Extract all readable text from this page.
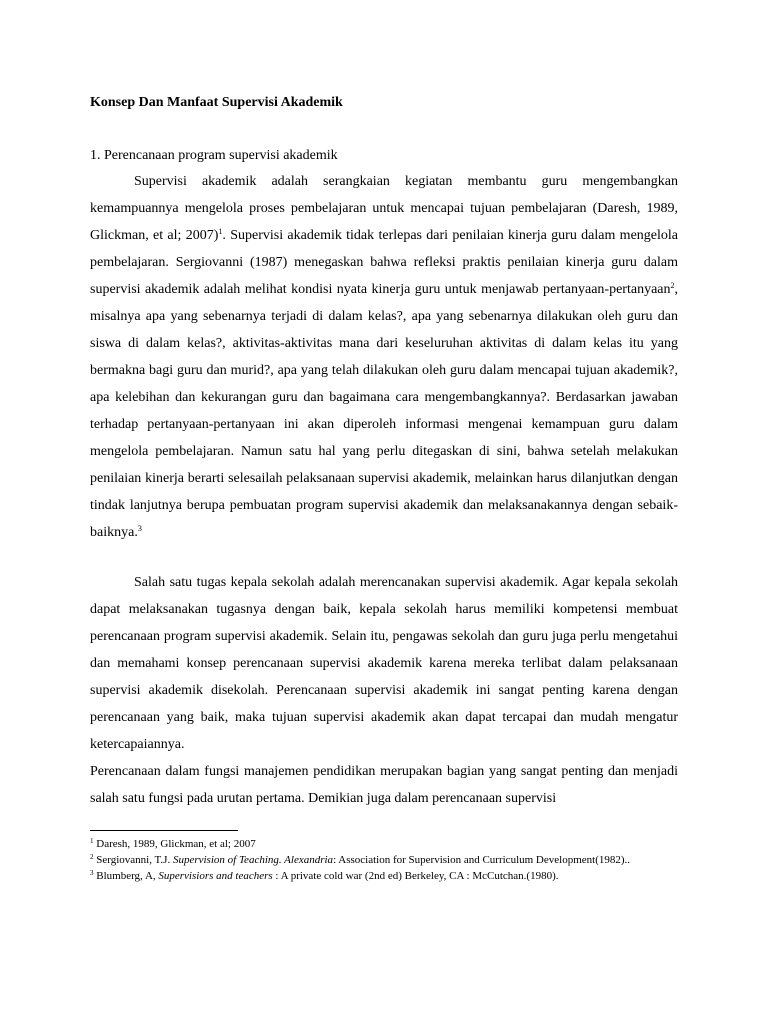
Konsep Dan Manfaat Supervisi Akademik
1. Perencanaan program supervisi akademik

Supervisi akademik adalah serangkaian kegiatan membantu guru mengembangkan kemampuannya mengelola proses pembelajaran untuk mencapai tujuan pembelajaran (Daresh, 1989, Glickman, et al; 2007)$^1$. Supervisi akademik tidak terlepas dari penilaian kinerja guru dalam mengelola pembelajaran. Sergiovanni (1987) menegaskan bahwa refleksi praktis penilaian kinerja guru dalam supervisi akademik adalah melihat kondisi nyata kinerja guru untuk menjawab pertanyaan-pertanyaan$^2$, misalnya apa yang sebenarnya terjadi di dalam kelas?, apa yang sebenarnya dilakukan oleh guru dan siswa di dalam kelas?, aktivitas-aktivitas mana dari keseluruhan aktivitas di dalam kelas itu yang bermakna bagi guru dan murid?, apa yang telah dilakukan oleh guru dalam mencapai tujuan akademik?, apa kelebihan dan kekurangan guru dan bagaimana cara mengembangkannya?. Berdasarkan jawaban terhadap pertanyaan-pertanyaan ini akan diperoleh informasi mengenai kemampuan guru dalam mengelola pembelajaran. Namun satu hal yang perlu ditegaskan di sini, bahwa setelah melakukan penilaian kinerja berarti selesailah pelaksanaan supervisi akademik, melainkan harus dilanjutkan dengan tindak lanjutnya berupa pembuatan program supervisi akademik dan melaksanakannya dengan sebaik-baiknya.$^3$

Salah satu tugas kepala sekolah adalah merencanakan supervisi akademik. Agar kepala sekolah dapat melaksanakan tugasnya dengan baik, kepala sekolah harus memiliki kompetensi membuat perencanaan program supervisi akademik. Selain itu, pengawas sekolah dan guru juga perlu mengetahui dan memahami konsep perencanaan supervisi akademik karena mereka terlibat dalam pelaksanaan supervisi akademik disekolah. Perencanaan supervisi akademik ini sangat penting karena dengan perencanaan yang baik, maka tujuan supervisi akademik akan dapat tercapai dan mudah mengatur ketercapaiannya.

Perencanaan dalam fungsi manajemen pendidikan merupakan bagian yang sangat penting dan menjadi salah satu fungsi pada urutan pertama. Demikian juga dalam perencanaan supervisi

$^1$ Daresh, 1989, Glickman, et al; 2007

$^2$ Sergiovanni, T.J. Supervision of Teaching. Alexandria: Association for Supervision and Curriculum Development(1982)..

$^3$ Blumberg, A, Supervisiors and teachers : A private cold war (2nd ed) Berkeley, CA : McCutchan.(1980).
